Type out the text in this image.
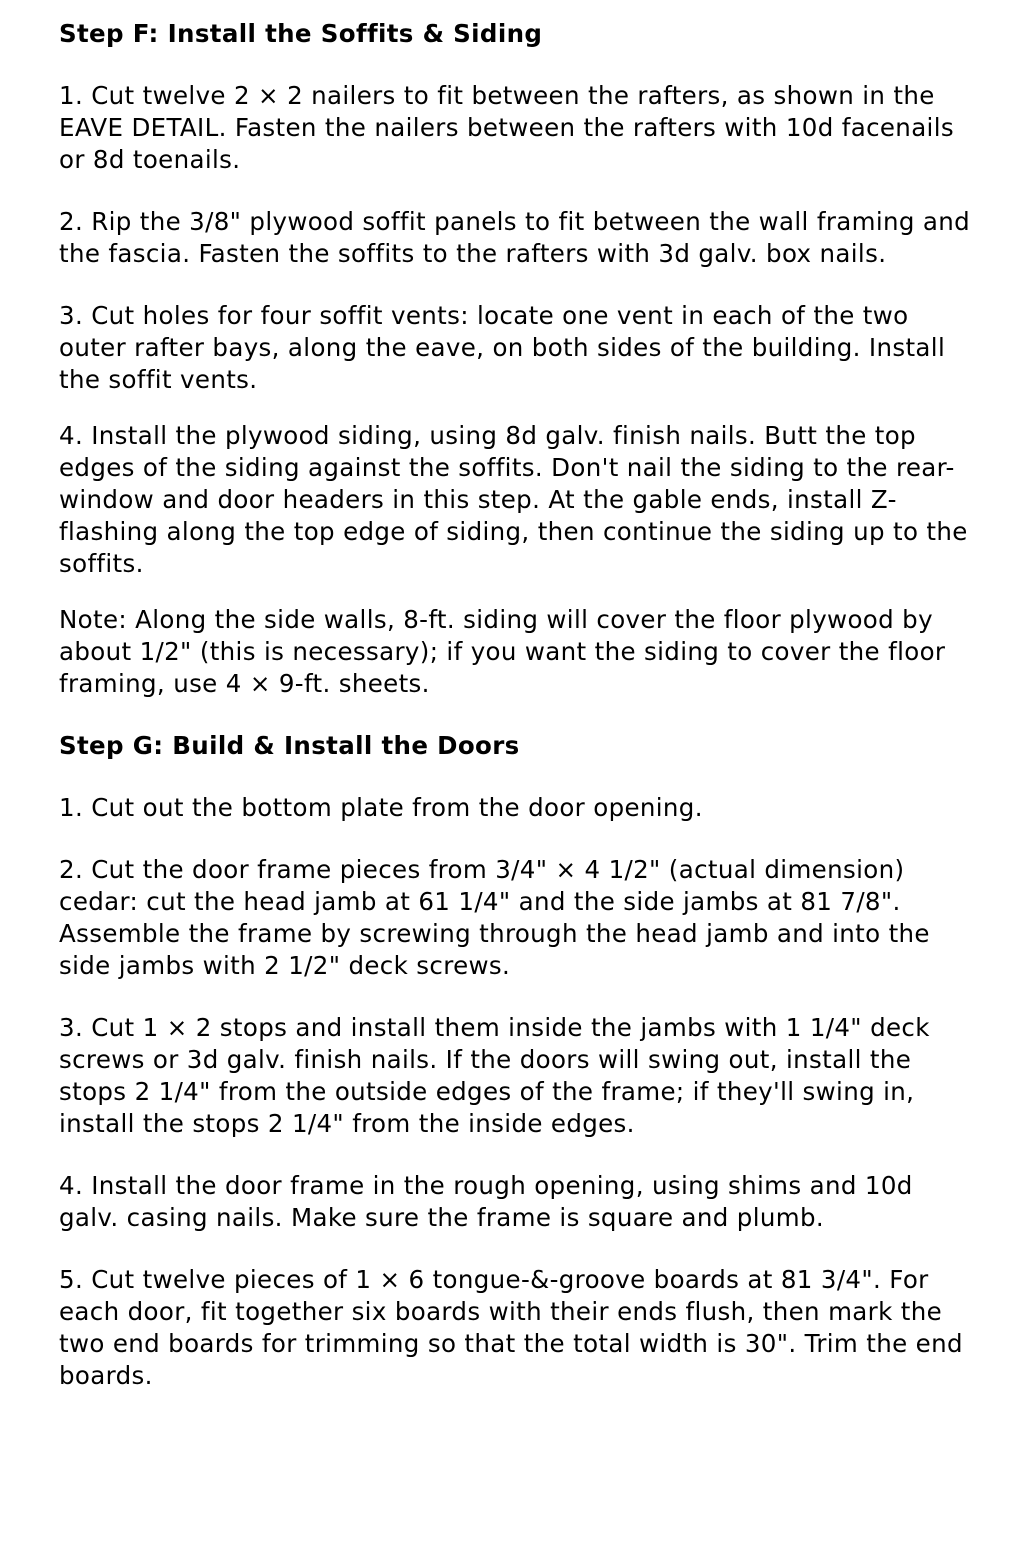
Step F: Install the Soffits & Siding

1. Cut twelve 2 × 2 nailers to fit between the rafters, as shown in the EAVE DETAIL. Fasten the nailers between the rafters with 10d facenails or 8d toenails.

2. Rip the 3/8" plywood soffit panels to fit between the wall framing and the fascia. Fasten the soffits to the rafters with 3d galv. box nails.

3. Cut holes for four soffit vents: locate one vent in each of the two outer rafter bays, along the eave, on both sides of the building. Install the soffit vents.

4. Install the plywood siding, using 8d galv. finish nails. Butt the top edges of the siding against the soffits. Don't nail the siding to the rear-window and door headers in this step. At the gable ends, install Z-flashing along the top edge of siding, then continue the siding up to the soffits.

Note: Along the side walls, 8-ft. siding will cover the floor plywood by about 1/2" (this is necessary); if you want the siding to cover the floor framing, use 4 × 9-ft. sheets.

Step G: Build & Install the Doors

1. Cut out the bottom plate from the door opening.

2. Cut the door frame pieces from 3/4" × 4 1/2" (actual dimension) cedar: cut the head jamb at 61 1/4" and the side jambs at 81 7/8". Assemble the frame by screwing through the head jamb and into the side jambs with 2 1/2" deck screws.

3. Cut 1 × 2 stops and install them inside the jambs with 1 1/4" deck screws or 3d galv. finish nails. If the doors will swing out, install the stops 2 1/4" from the outside edges of the frame; if they'll swing in, install the stops 2 1/4" from the inside edges.

4. Install the door frame in the rough opening, using shims and 10d galv. casing nails. Make sure the frame is square and plumb.

5. Cut twelve pieces of 1 × 6 tongue-&-groove boards at 81 3/4". For each door, fit together six boards with their ends flush, then mark the two end boards for trimming so that the total width is 30". Trim the end boards.
